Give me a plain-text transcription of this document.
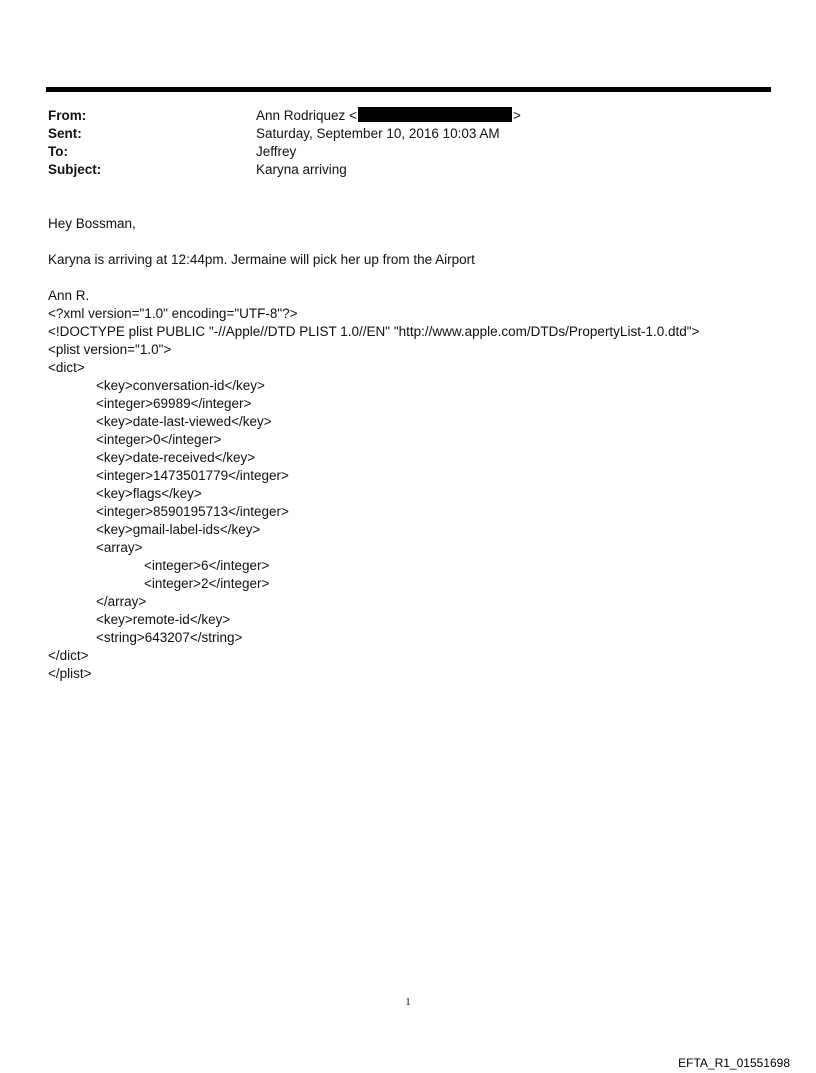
From:	Ann Rodriquez <	>
Sent:	Saturday, September 10, 2016 10:03 AM
To:	Jeffrey
Subject:	Karyna arriving

Hey Bossman,

Karyna is arriving at 12:44pm. Jermaine will pick her up from the Airport

Ann R.

<?xml version="1.0" encoding="UTF-8"?>
<!DOCTYPE plist PUBLIC "-//Apple//DTD PLIST 1.0//EN" "http://www.apple.com/DTDs/PropertyList-1.0.dtd">
<plist version="1.0">
<dict>
<key>conversation-id</key>
<integer>69989</integer>
<key>date-last-viewed</key>
<integer>0</integer>
<key>date-received</key>
<integer>1473501779</integer>
<key>flags</key>
<integer>8590195713</integer>
<key>gmail-label-ids</key>
<array>
<integer>6</integer>
<integer>2</integer>
</array>
<key>remote-id</key>
<string>643207</string>
</dict>
</plist>
1
EFTA_R1_01551698
